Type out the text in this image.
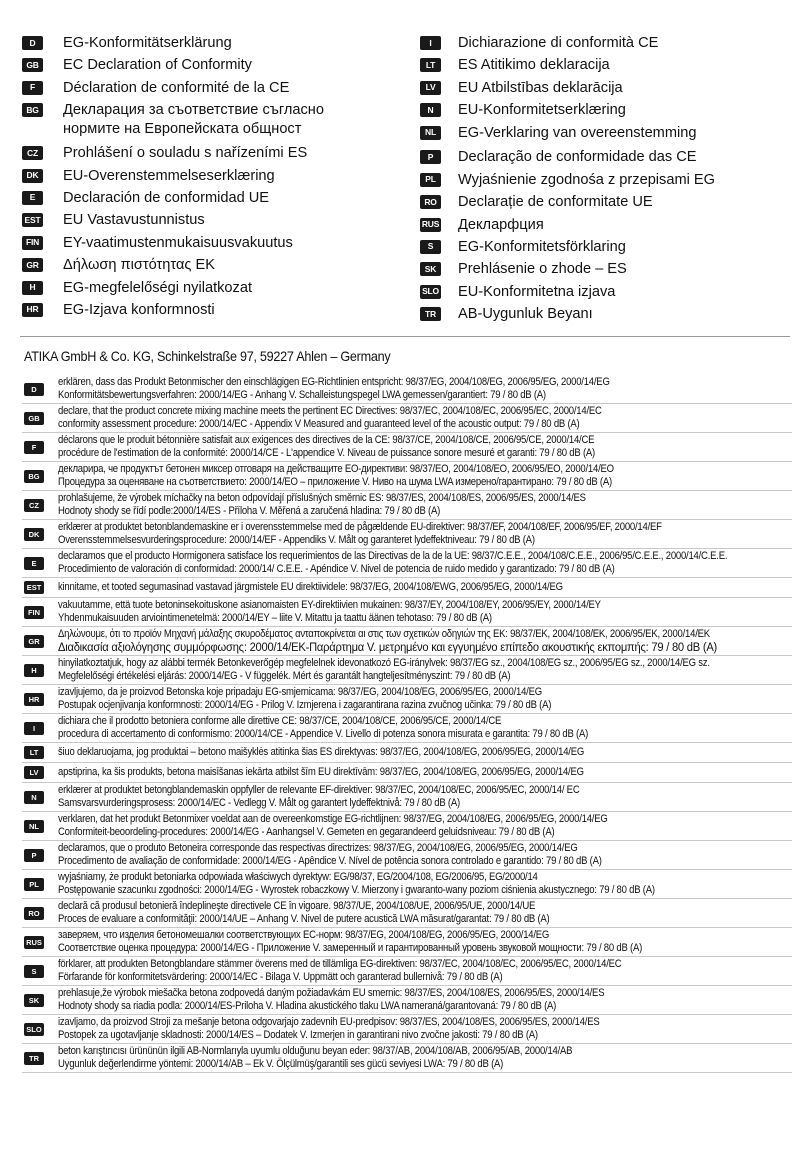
D	EG-Konformitätserklärung
GB EC Declaration of Conformity
F	Déclaration de conformité de la CE
BG Декларация за съответствие съгласно
нормите на Европейската общност
CZ	Prohlášení o souladu s nařízeními ES
DK	EU-Overenstemmelseserklæring
E	Declaración de conformidad UE
EST EU Vastavustunnistus
FIN EY-vaatimustenmukaisuusvakuutus
GR Δήλωση πιστότητας ΕΚ
H	EG-megfelelőségi nyilatkozat
HR	EG-Izjava konformnosti
I	Dichiarazione di conformità CE
LT	ES Atitikimo deklaracija
LV	EU Atbilstības deklarācija
N	EU-Konformitetserklæring
NL	EG-Verklaring van overeenstemming
P	Declaração de conformidade das CE
PL	Wyjaśnienie zgodnośa z przepisami EG
RO Declarație de conformitate UE
RUS Деклapфция
S	EG-Konformitetsförklaring
SK	Prehlásenie o zhode – ES
SLO EU-Konformitetna izjava
TR	AB-Uygunluk Beyanı
ATIKA GmbH & Co. KG, Schinkelstraße 97, 59227 Ahlen – Germany
D
erklären, dass das Produkt Betonmischer den einschlägigen EG-Richtlinien entspricht: 98/37/EG, 2004/108/EG, 2006/95/EG, 2000/14/EG
Konformitätsbewertungsverfahren: 2000/14/EG - Anhang V. Schalleistungspegel LWA gemessen/garantiert: 79 / 80 dB (A)
GB
declare, that the product concrete mixing machine meets the pertinent EC Directives: 98/37/EC, 2004/108/EC, 2006/95/EC, 2000/14/EC
conformity assessment procedure: 2000/14/EC - Appendix V Measured and guaranteed level of the acoustic output: 79 / 80 dB (A)
F
déclarons que le produit bétonnière satisfait aux exigences des directives de la CE: 98/37/CE, 2004/108/CE, 2006/95/CE, 2000/14/CE
procédure de l'estimation de la conformité: 2000/14/CE - L'appendice V. Niveau de puissance sonore mesuré et garanti: 79 / 80 dB (A)
BG
декларира, че продуктът бетонен миксер отговаря на действащите ЕО-директиви: 98/37/ЕО, 2004/108/ЕО, 2006/95/ЕО, 2000/14/ЕО
Процедура за оценяване на съответствието: 2000/14/ЕО – приложение V. Ниво на шума LWA измерено/гарантирано: 79 / 80 dB (A)
CZ
prohlašujeme, že výrobek míchačky na beton odpovídají příslušných směrnic ES: 98/37/ES, 2004/108/ES, 2006/95/ES, 2000/14/ES
Hodnoty shody se řídí podle:2000/14/ES - Příloha V. Měřená a zaručená hladina: 79 / 80 dB (A)
DK
erklærer at produktet betonblandemaskine er i overensstemmelse med de pågældende EU-direktiver: 98/37/EF, 2004/108/EF, 2006/95/EF, 2000/14/EF
Overensstemmelsesvurderingsprocedure: 2000/14/EF - Appendiks V. Målt og garanteret lydeffektniveau: 79 / 80 dB (A)
E
declaramos que el producto Hormigonera satisface los requerimientos de las Directivas de la de la UE: 98/37/C.E.E., 2004/108/C.E.E., 2006/95/C.E.E., 2000/14/C.E.E.
Procedimiento de valoración di conformidad: 2000/14/ C.E.E. - Apéndice V. Nivel de potencia de ruido medido y garantizado: 79 / 80 dB (A)
EST kinnitame, et tooted segumasinad vastavad järgmistele EU direktiividele: 98/37/EG, 2004/108/EWG, 2006/95/EG, 2000/14/EG
FIN
vakuutamme, että tuote betoninsekoituskone asianomaisten EY-direktiivien mukainen: 98/37/EY, 2004/108/EY, 2006/95/EY, 2000/14/EY
Yhdenmukaisuuden arviointimenetelmä: 2000/14/EY – liite V. Mitattu ja taattu äänen tehotaso: 79 / 80 dB (A)
GR
Δηλώνουμε, ότι το προϊόν Μηχανή μάλαξης σκυροδέματος ανταποκρίνεται αι στις των σχετικών οδηγιών της ΕΚ: 98/37/ΕΚ, 2004/108/ΕΚ, 2006/95/ΕΚ, 2000/14/ΕΚ
Διαδικασία αξιολόγησης συμμόρφωσης: 2000/14/ΕΚ-Παράρτημα V. μετρημένο και εγγυημένο επίπεδο ακουστικής εκπομπής: 79 / 80 dB (A)
H
hinyilatkoztatjuk, hogy az alábbi termék Betonkeverőgép megfelelnek idevonatkozó EG-iránylvek: 98/37/EG sz., 2004/108/EG sz., 2006/95/EG sz., 2000/14/EG sz.
Megfelelőségi értékelési eljárás: 2000/14/EG - V függelék. Mért és garantált hangteljesítményszint: 79 / 80 dB (A)
HR
izavljujemo, da je proizvod Betonska koje pripadaju EG-smjernicama: 98/37/EG, 2004/108/EG, 2006/95/EG, 2000/14/EG
Postupak ocjenjivanja konformnosti: 2000/14/EG - Prilog V. Izmjerena i zagarantirana razina zvučnog učinka: 79 / 80 dB (A)
I
dichiara che il prodotto betoniera conforme alle direttive CE: 98/37/CE, 2004/108/CE, 2006/95/CE, 2000/14/CE
procedura di accertamento di conformismo: 2000/14/CE - Appendice V. Livello di potenza sonora misurata e garantita: 79 / 80 dB (A)
LT	šiuo deklaruojama, jog produktai – betono maišyklės atitinka šias ES direktyvas: 98/37/EG, 2004/108/EG, 2006/95/EG, 2000/14/EG
LV	apstiprina, ka šis produkts, betona maisīšanas iekārta atbilst šīm EU direktīvām: 98/37/EG, 2004/108/EG, 2006/95/EG, 2000/14/EG
N
erklærer at produktet betongblandemaskin oppfyller de relevante EF-direktiver: 98/37/EC, 2004/108/EC, 2006/95/EC, 2000/14/ EC
Samsvarsvurderingsprosess: 2000/14/EC - Vedlegg V. Målt og garantert lydeffektnivå: 79 / 80 dB (A)
NL
verklaren, dat het produkt Betonmixer voeldat aan de overeenkomstige EG-richtlijnen: 98/37/EG, 2004/108/EG, 2006/95/EG, 2000/14/EG
Conformiteit-beoordeling-procedures: 2000/14/EG - Aanhangsel V. Gemeten en gegarandeerd geluidsniveau: 79 / 80 dB (A)
P
declaramos, que o produto Betoneira corresponde das respectivas directrizes: 98/37/EG, 2004/108/EG, 2006/95/EG, 2000/14/EG
Procedimento de avaliação de conformidade: 2000/14/EG - Apêndice V. Nível de potência sonora controlado e garantido: 79 / 80 dB (A)
PL
wyjaśniamy, że produkt betoniarka odpowiada właściwych dyrektyw: EG/98/37, EG/2004/108, EG/2006/95, EG/2000/14
Postępowanie szacunku zgodności: 2000/14/EG - Wyrostek robaczkowy V. Mierzony i gwaranto-wany poziom ciśnienia akustycznego: 79 / 80 dB (A)
RO
declară că produsul betonieră îndeplineşte directivele CE în vigoare. 98/37/UE, 2004/108/UE, 2006/95/UE, 2000/14/UE
Proces de evaluare a conformităţii: 2000/14/UE – Anhang V. Nivel de putere acustică LWA măsurat/garantat: 79 / 80 dB (A)
RUS
заверяем, что изделия бетономешалки соответствующих ЕС-норм: 98/37/EG, 2004/108/EG, 2006/95/EG, 2000/14/EG
Соответствие оценка процедура: 2000/14/EG - Приложение V. замеренный и гарантированный уровень звуковой мощности: 79 / 80 dB (A)
S
förklarer, att produkten Betongblandare stämmer överens med de tillämliga EG-direktiven: 98/37/EC, 2004/108/EC, 2006/95/EC, 2000/14/EC
Förfarande för konformitetsvärdering: 2000/14/EC - Bilaga V. Uppmätt och garanterad bullernivå: 79 / 80 dB (A)
SK
prehlasuje,že výrobok miešačka betona zodpovedá daným požiadavkám EU smernic: 98/37/ES, 2004/108/ES, 2006/95/ES, 2000/14/ES
Hodnoty shody sa riadia podla: 2000/14/ES-Priloha V. Hladina akustického tlaku LWA nameraná/garantovaná: 79 / 80 dB (A)
SLO
izavljamo, da proizvod Stroji za mešanje betona odgovarjajo zadevnih EU-predpisov: 98/37/ES, 2004/108/ES, 2006/95/ES, 2000/14/ES
Postopek za ugotavljanje skladnosti: 2000/14/ES – Dodatek V. Izmerjen in garantirani nivo zvočne jakosti: 79 / 80 dB (A)
TR
beton karıştırıcısı ürününün ilgili AB-Normlarıyla uyumlu olduğunu beyan eder: 98/37/AB, 2004/108/AB, 2006/95/AB, 2000/14/AB
Uygunluk değerlendirme yöntemi: 2000/14/AB – Ek V. Ölçülmüş/garantili ses gücü seviyesi LWA: 79 / 80 dB (A)
